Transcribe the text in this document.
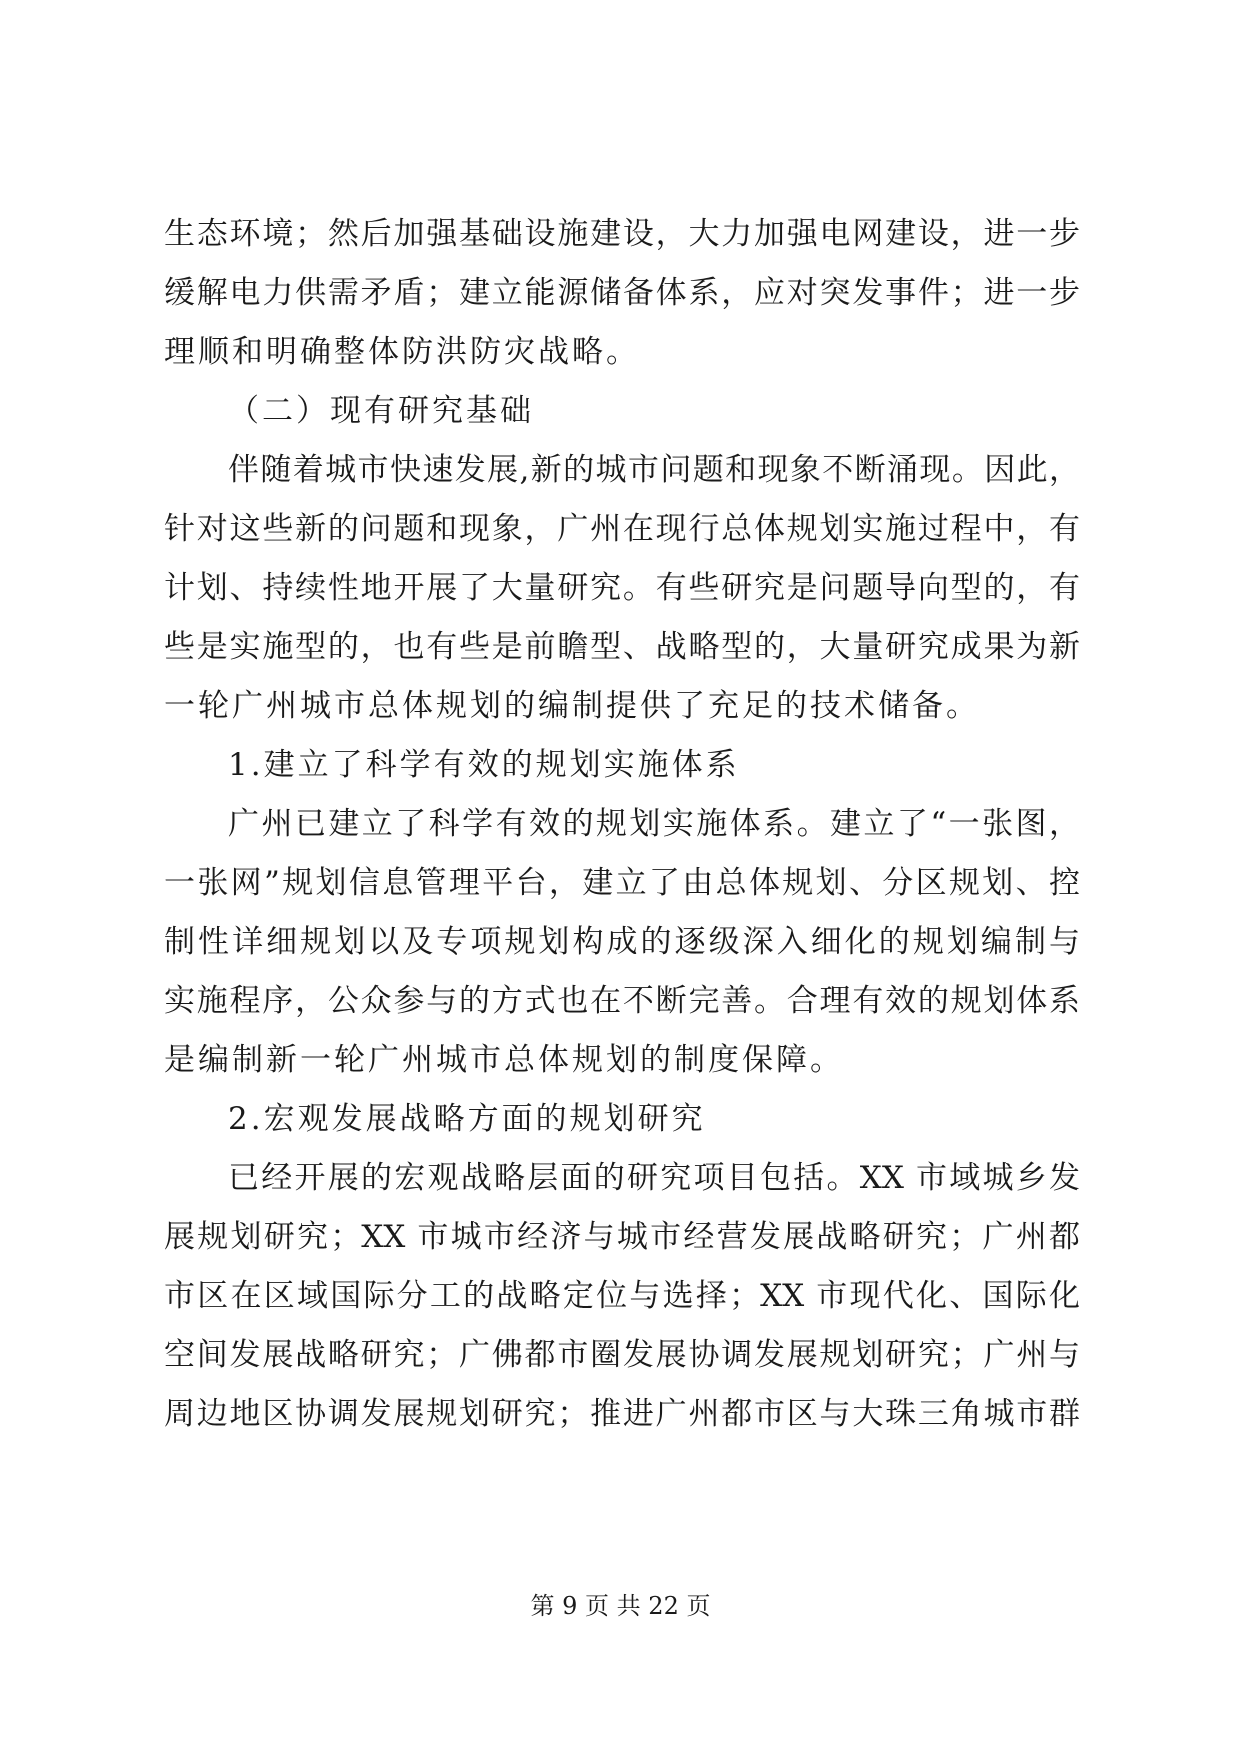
生态环境；然后加强基础设施建设，大力加强电网建设，进一步
缓解电力供需矛盾；建立能源储备体系，应对突发事件；进一步
理顺和明确整体防洪防灾战略。
（二）现有研究基础
伴随着城市快速发展,新的城市问题和现象不断涌现。因此，
针对这些新的问题和现象，广州在现行总体规划实施过程中，有
计划、持续性地开展了大量研究。有些研究是问题导向型的，有
些是实施型的，也有些是前瞻型、战略型的，大量研究成果为新
一轮广州城市总体规划的编制提供了充足的技术储备。
1.建立了科学有效的规划实施体系
广州已建立了科学有效的规划实施体系。建立了“一张图，
一张网”规划信息管理平台，建立了由总体规划、分区规划、控
制性详细规划以及专项规划构成的逐级深入细化的规划编制与
实施程序，公众参与的方式也在不断完善。合理有效的规划体系
是编制新一轮广州城市总体规划的制度保障。
2.宏观发展战略方面的规划研究
已经开展的宏观战略层面的研究项目包括。XX 市域城乡发
展规划研究；XX 市城市经济与城市经营发展战略研究；广州都
市区在区域国际分工的战略定位与选择；XX 市现代化、国际化
空间发展战略研究；广佛都市圈发展协调发展规划研究；广州与
周边地区协调发展规划研究；推进广州都市区与大珠三角城市群
第 9 页 共 22 页
